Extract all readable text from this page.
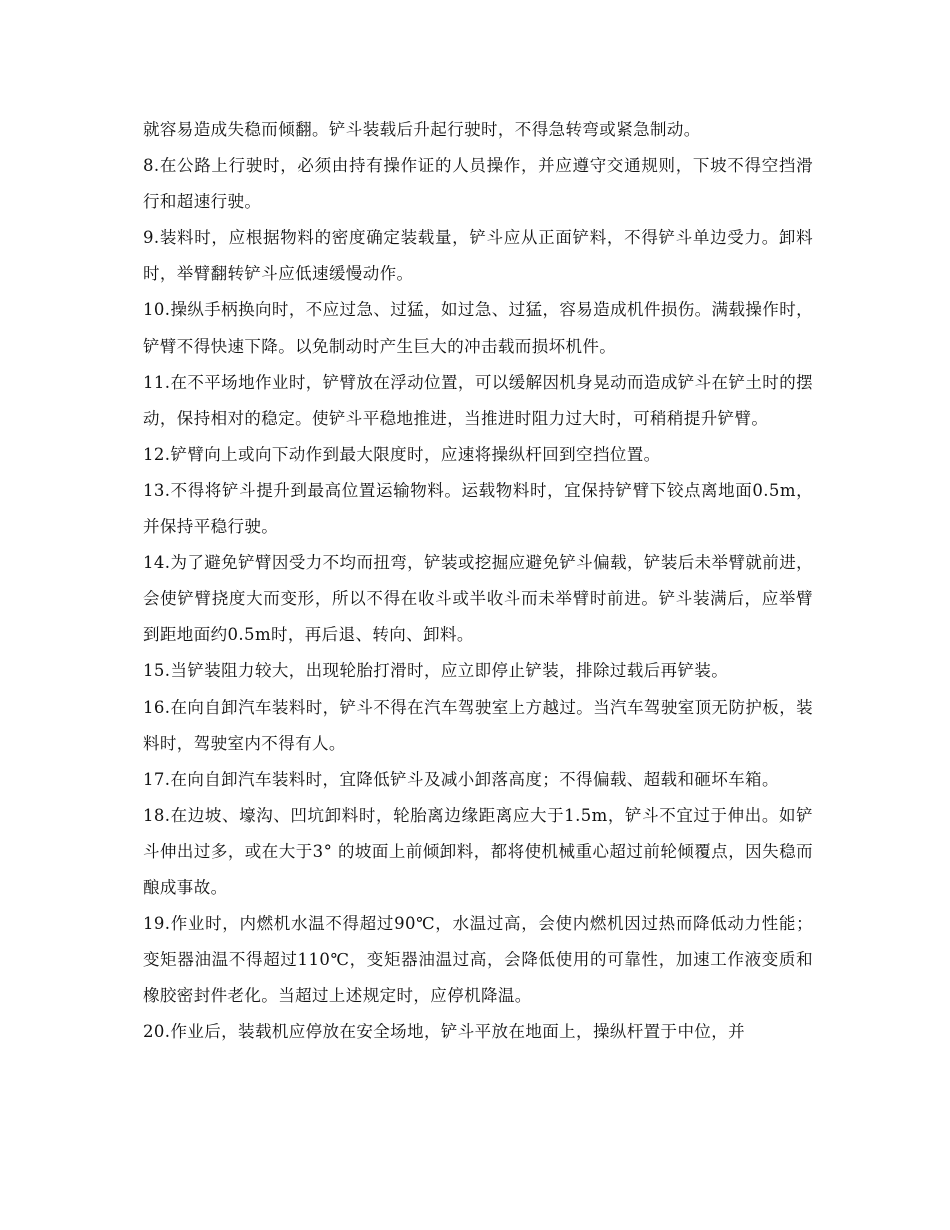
就容易造成失稳而倾翻。铲斗装载后升起行驶时，不得急转弯或紧急制动。

8.在公路上行驶时，必须由持有操作证的人员操作，并应遵守交通规则，下坡不得空挡滑行和超速行驶。

9.装料时，应根据物料的密度确定装载量，铲斗应从正面铲料，不得铲斗单边受力。卸料时，举臂翻转铲斗应低速缓慢动作。

10.操纵手柄换向时，不应过急、过猛，如过急、过猛，容易造成机件损伤。满载操作时，铲臂不得快速下降。以免制动时产生巨大的冲击载而损坏机件。

11.在不平场地作业时，铲臂放在浮动位置，可以缓解因机身晃动而造成铲斗在铲土时的摆动，保持相对的稳定。使铲斗平稳地推进，当推进时阻力过大时，可稍稍提升铲臂。

12.铲臂向上或向下动作到最大限度时，应速将操纵杆回到空挡位置。

13.不得将铲斗提升到最高位置运输物料。运载物料时，宜保持铲臂下铰点离地面0.5m，并保持平稳行驶。

14.为了避免铲臂因受力不均而扭弯，铲装或挖掘应避免铲斗偏载，铲装后未举臂就前进，会使铲臂挠度大而变形，所以不得在收斗或半收斗而未举臂时前进。铲斗装满后，应举臂到距地面约0.5m时，再后退、转向、卸料。

15.当铲装阻力较大，出现轮胎打滑时，应立即停止铲装，排除过载后再铲装。

16.在向自卸汽车装料时，铲斗不得在汽车驾驶室上方越过。当汽车驾驶室顶无防护板，装料时，驾驶室内不得有人。

17.在向自卸汽车装料时，宜降低铲斗及减小卸落高度；不得偏载、超载和砸坏车箱。

18.在边坡、壕沟、凹坑卸料时，轮胎离边缘距离应大于1.5m，铲斗不宜过于伸出。如铲斗伸出过多，或在大于3° 的坡面上前倾卸料，都将使机械重心超过前轮倾覆点，因失稳而酿成事故。

19.作业时，内燃机水温不得超过90℃，水温过高，会使内燃机因过热而降低动力性能；变矩器油温不得超过110℃，变矩器油温过高，会降低使用的可靠性，加速工作液变质和橡胶密封件老化。当超过上述规定时，应停机降温。

20.作业后，装载机应停放在安全场地，铲斗平放在地面上，操纵杆置于中位，并
